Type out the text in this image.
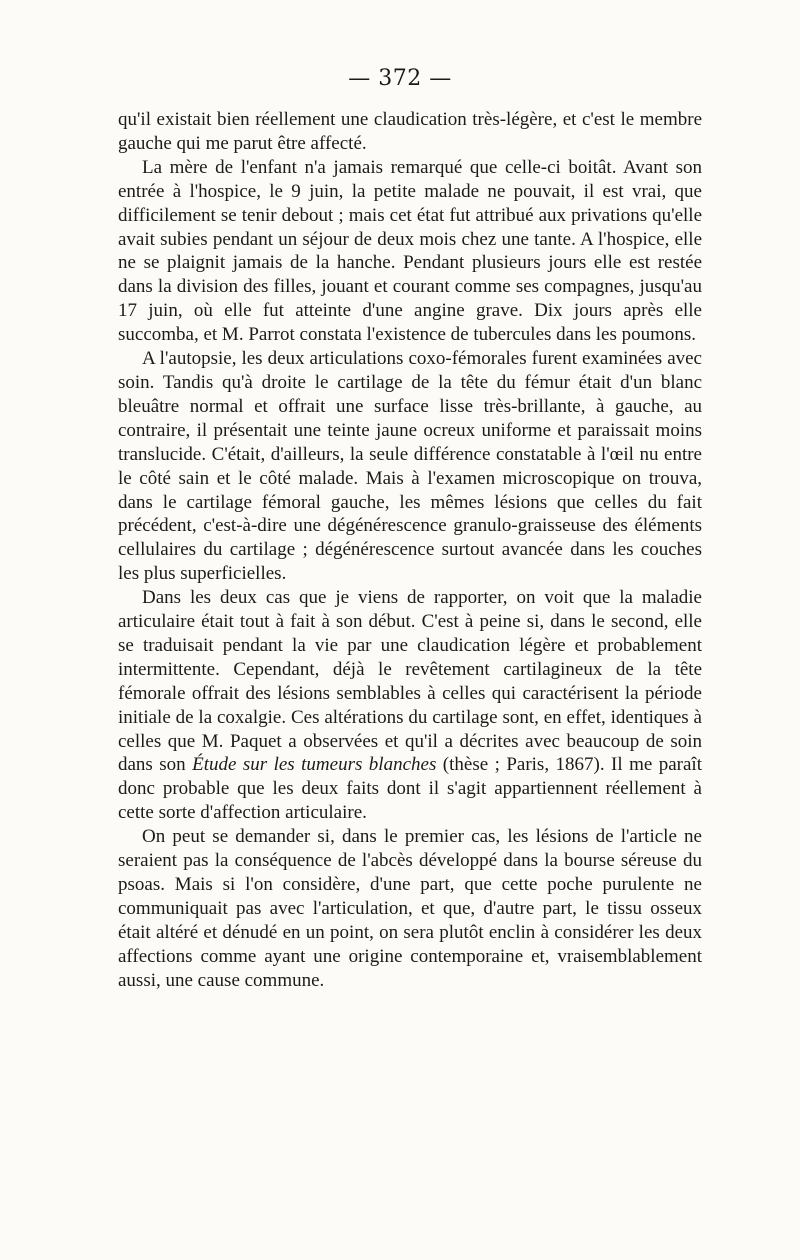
— 372 —

qu'il existait bien réellement une claudication très-légère, et c'est le membre gauche qui me parut être affecté.

La mère de l'enfant n'a jamais remarqué que celle-ci boitât. Avant son entrée à l'hospice, le 9 juin, la petite malade ne pouvait, il est vrai, que difficilement se tenir debout ; mais cet état fut attribué aux privations qu'elle avait subies pendant un séjour de deux mois chez une tante. A l'hospice, elle ne se plaignit jamais de la hanche. Pendant plusieurs jours elle est restée dans la division des filles, jouant et courant comme ses compagnes, jusqu'au 17 juin, où elle fut atteinte d'une angine grave. Dix jours après elle succomba, et M. Parrot constata l'existence de tubercules dans les poumons.

A l'autopsie, les deux articulations coxo-fémorales furent examinées avec soin. Tandis qu'à droite le cartilage de la tête du fémur était d'un blanc bleuâtre normal et offrait une surface lisse très-brillante, à gauche, au contraire, il présentait une teinte jaune ocreux uniforme et paraissait moins translucide. C'était, d'ailleurs, la seule différence constatable à l'œil nu entre le côté sain et le côté malade. Mais à l'examen microscopique on trouva, dans le cartilage fémoral gauche, les mêmes lésions que celles du fait précédent, c'est-à-dire une dégénérescence granulo-graisseuse des éléments cellulaires du cartilage ; dégénérescence surtout avancée dans les couches les plus superficielles.

Dans les deux cas que je viens de rapporter, on voit que la maladie articulaire était tout à fait à son début. C'est à peine si, dans le second, elle se traduisait pendant la vie par une claudication légère et probablement intermittente. Cependant, déjà le revêtement cartilagineux de la tête fémorale offrait des lésions semblables à celles qui caractérisent la période initiale de la coxalgie. Ces altérations du cartilage sont, en effet, identiques à celles que M. Paquet a observées et qu'il a décrites avec beaucoup de soin dans son Étude sur les tumeurs blanches (thèse ; Paris, 1867). Il me paraît donc probable que les deux faits dont il s'agit appartiennent réellement à cette sorte d'affection articulaire.

On peut se demander si, dans le premier cas, les lésions de l'article ne seraient pas la conséquence de l'abcès développé dans la bourse séreuse du psoas. Mais si l'on considère, d'une part, que cette poche purulente ne communiquait pas avec l'articulation, et que, d'autre part, le tissu osseux était altéré et dénudé en un point, on sera plutôt enclin à considérer les deux affections comme ayant une origine contemporaine et, vraisemblablement aussi, une cause commune.
